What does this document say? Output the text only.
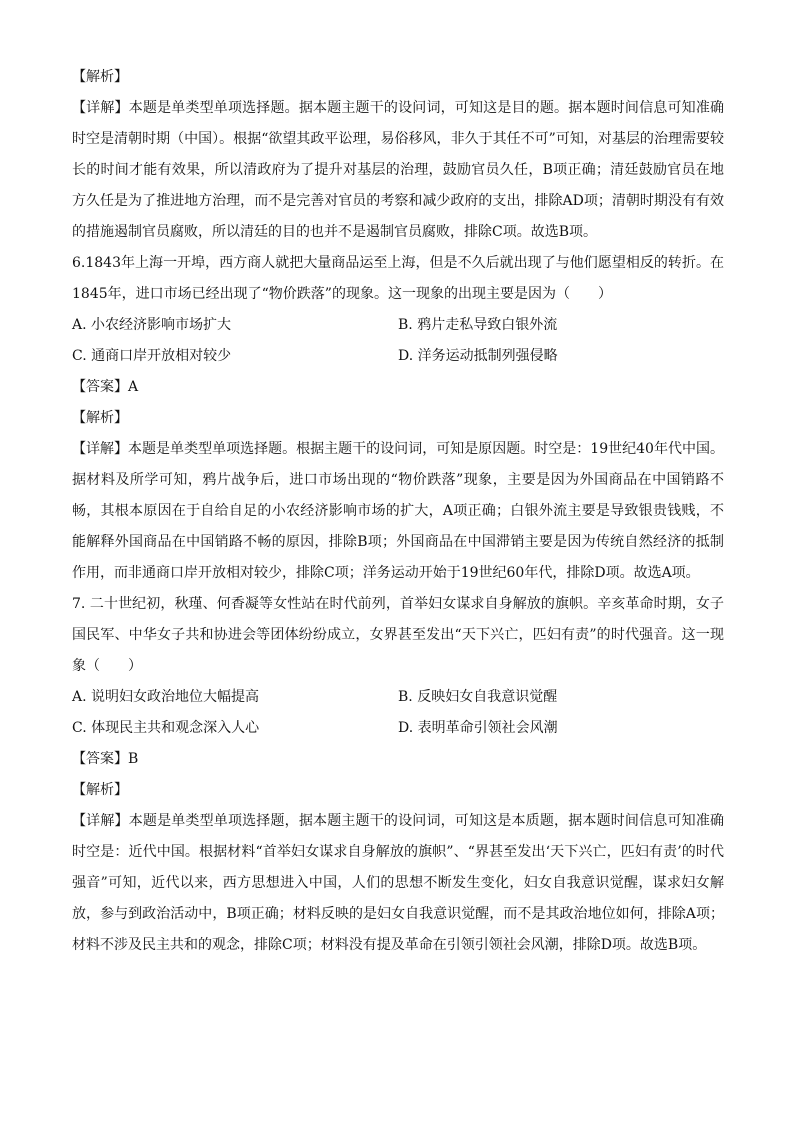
【解析】
【详解】本题是单类型单项选择题。据本题主题干的设问词，可知这是目的题。据本题时间信息可知准确时空是清朝时期（中国）。根据“欲望其政平讼理，易俗移风，非久于其任不可”可知，对基层的治理需要较长的时间才能有效果，所以清政府为了提升对基层的治理，鼓励官员久任，B项正确；清廷鼓励官员在地方久任是为了推进地方治理，而不是完善对官员的考察和减少政府的支出，排除AD项；清朝时期没有有效的措施遏制官员腐败，所以清廷的目的也并不是遏制官员腐败，排除C项。故选B项。
6.1843年上海一开埠，西方商人就把大量商品运至上海，但是不久后就出现了与他们愿望相反的转折。在1845年，进口市场已经出现了“物价跌落”的现象。这一现象的出现主要是因为（　　）
A. 小农经济影响市场扩大	B. 鸦片走私导致白银外流
C. 通商口岸开放相对较少	D. 洋务运动抵制列强侵略
【答案】A
【解析】
【详解】本题是单类型单项选择题。根据主题干的设问词，可知是原因题。时空是：19世纪40年代中国。据材料及所学可知，鸦片战争后，进口市场出现的“物价跌落”现象，主要是因为外国商品在中国销路不畅，其根本原因在于自给自足的小农经济影响市场的扩大，A项正确；白银外流主要是导致银贵钱贱，不能解释外国商品在中国销路不畅的原因，排除B项；外国商品在中国滞销主要是因为传统自然经济的抵制作用，而非通商口岸开放相对较少，排除C项；洋务运动开始于19世纪60年代，排除D项。故选A项。
7. 二十世纪初，秋瑾、何香凝等女性站在时代前列，首举妇女谋求自身解放的旗帜。辛亥革命时期，女子国民军、中华女子共和协进会等团体纷纷成立，女界甚至发出“天下兴亡，匹妇有责”的时代强音。这一现象（　　）
A. 说明妇女政治地位大幅提高	B. 反映妇女自我意识觉醒
C. 体现民主共和观念深入人心	D. 表明革命引领社会风潮
【答案】B
【解析】
【详解】本题是单类型单项选择题，据本题主题干的设问词，可知这是本质题，据本题时间信息可知准确时空是：近代中国。根据材料“首举妇女谋求自身解放的旗帜”、“界甚至发出‘天下兴亡，匹妇有责’的时代强音”可知，近代以来，西方思想进入中国，人们的思想不断发生变化，妇女自我意识觉醒，谋求妇女解放，参与到政治活动中，B项正确；材料反映的是妇女自我意识觉醒，而不是其政治地位如何，排除A项；材料不涉及民主共和的观念，排除C项；材料没有提及革命在引领引领社会风潮，排除D项。故选B项。
